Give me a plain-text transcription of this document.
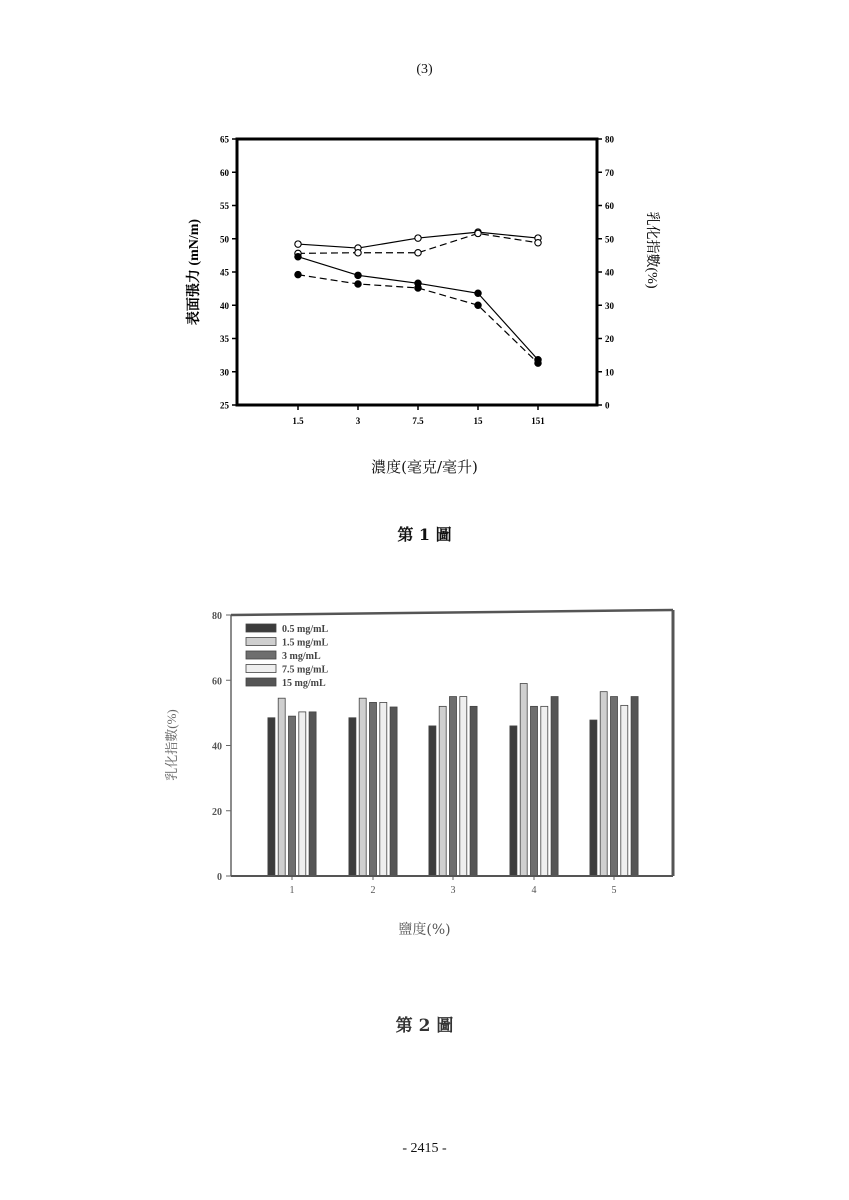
(3)
25
30
35
40
45
50
55
60
65
0
10
20
30
40
50
60
70
80
1.5	3	7.5	15	151
表面張力 (mN/m)	乳化指數(%)
濃度(毫克/毫升)
第 1 圖
0
20
40
60
80
1	2	3	4	5
0.5 mg/mL
1.5 mg/mL
3 mg/mL
7.5 mg/mL
15 mg/mL
乳化指數(%)
鹽度(%)
第 2 圖
- 2415 -
